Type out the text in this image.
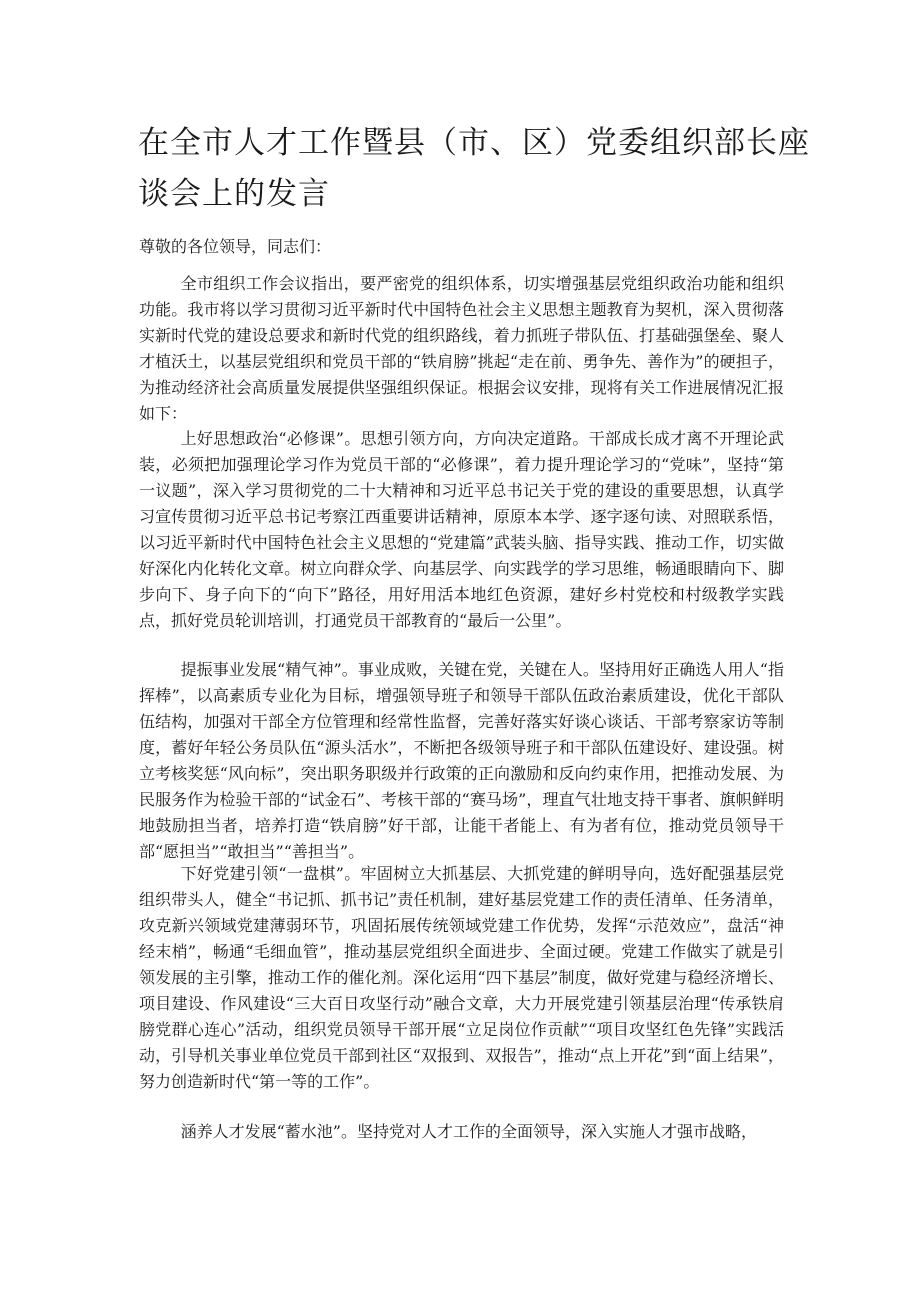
在全市人才工作暨县（市、区）党委组织部长座谈会上的发言

尊敬的各位领导，同志们：

全市组织工作会议指出，要严密党的组织体系，切实增强基层党组织政治功能和组织功能。我市将以学习贯彻习近平新时代中国特色社会主义思想主题教育为契机，深入贯彻落实新时代党的建设总要求和新时代党的组织路线，着力抓班子带队伍、打基础强堡垒、聚人才植沃土，以基层党组织和党员干部的“铁肩膀”挑起“走在前、勇争先、善作为”的硬担子，为推动经济社会高质量发展提供坚强组织保证。根据会议安排，现将有关工作进展情况汇报如下：

上好思想政治“必修课”。思想引领方向，方向决定道路。干部成长成才离不开理论武装，必须把加强理论学习作为党员干部的“必修课”，着力提升理论学习的“党味”，坚持“第一议题”，深入学习贯彻党的二十大精神和习近平总书记关于党的建设的重要思想，认真学习宣传贯彻习近平总书记考察江西重要讲话精神，原原本本学、逐字逐句读、对照联系悟，以习近平新时代中国特色社会主义思想的“党建篇”武装头脑、指导实践、推动工作，切实做好深化内化转化文章。树立向群众学、向基层学、向实践学的学习思维，畅通眼睛向下、脚步向下、身子向下的“向下”路径，用好用活本地红色资源，建好乡村党校和村级教学实践点，抓好党员轮训培训，打通党员干部教育的“最后一公里”。

提振事业发展“精气神”。事业成败，关键在党，关键在人。坚持用好正确选人用人“指挥棒”，以高素质专业化为目标，增强领导班子和领导干部队伍政治素质建设，优化干部队伍结构，加强对干部全方位管理和经常性监督，完善好落实好谈心谈话、干部考察家访等制度，蓄好年轻公务员队伍“源头活水”，不断把各级领导班子和干部队伍建设好、建设强。树立考核奖惩“风向标”，突出职务职级并行政策的正向激励和反向约束作用，把推动发展、为民服务作为检验干部的“试金石”、考核干部的“赛马场”，理直气壮地支持干事者、旗帜鲜明地鼓励担当者，培养打造“铁肩膀”好干部，让能干者能上、有为者有位，推动党员领导干部“愿担当”“敢担当”“善担当”。

下好党建引领“一盘棋”。牢固树立大抓基层、大抓党建的鲜明导向，选好配强基层党组织带头人，健全“书记抓、抓书记”责任机制，建好基层党建工作的责任清单、任务清单，攻克新兴领域党建薄弱环节，巩固拓展传统领域党建工作优势，发挥“示范效应”，盘活“神经末梢”，畅通“毛细血管”，推动基层党组织全面进步、全面过硬。党建工作做实了就是引领发展的主引擎，推动工作的催化剂。深化运用“四下基层”制度，做好党建与稳经济增长、项目建设、作风建设“三大百日攻坚行动”融合文章，大力开展党建引领基层治理“传承铁肩膀党群心连心”活动，组织党员领导干部开展“立足岗位作贡献”“项目攻坚红色先锋”实践活动，引导机关事业单位党员干部到社区“双报到、双报告”，推动“点上开花”到“面上结果”，努力创造新时代“第一等的工作”。

涵养人才发展“蓄水池”。坚持党对人才工作的全面领导，深入实施人才强市战略，
